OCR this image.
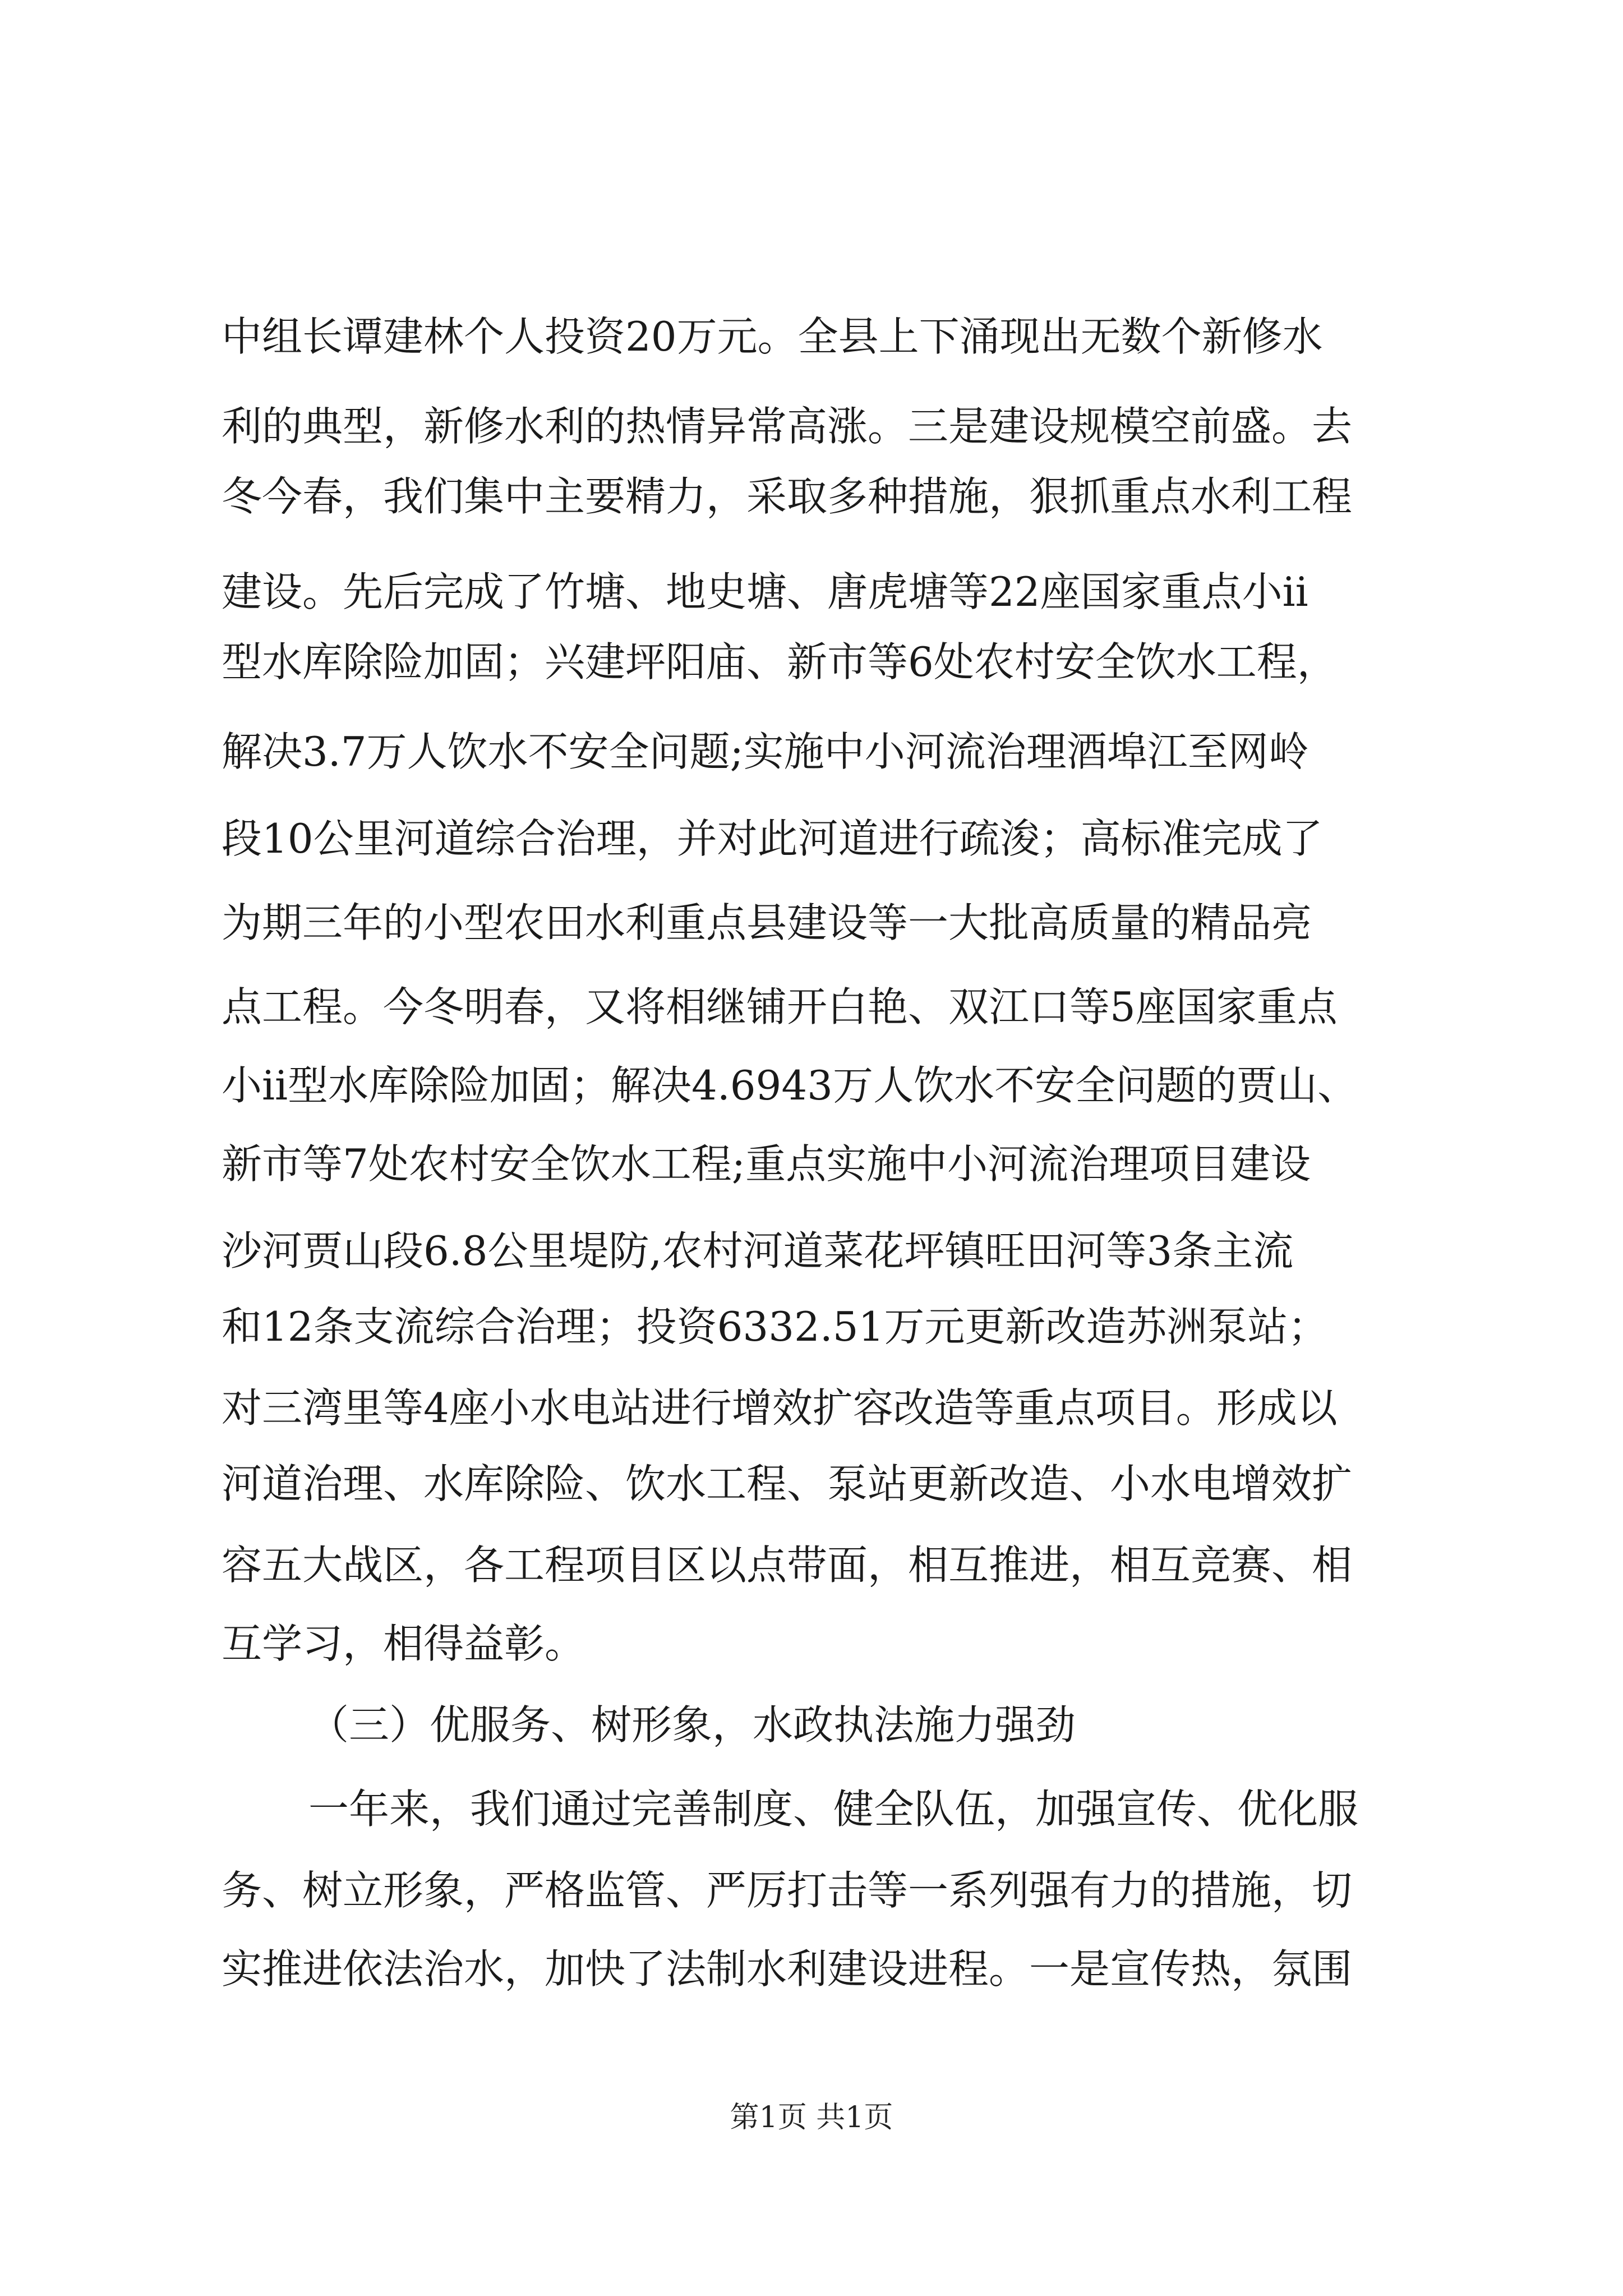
中组长谭建林个人投资20万元。全县上下涌现出无数个新修水
利的典型，新修水利的热情异常高涨。三是建设规模空前盛。去
冬今春，我们集中主要精力，采取多种措施，狠抓重点水利工程
建设。先后完成了竹塘、地史塘、唐虎塘等22座国家重点小ii
型水库除险加固；兴建坪阳庙、新市等6处农村安全饮水工程，
解决3.7万人饮水不安全问题;实施中小河流治理酒埠江至网岭
段10公里河道综合治理，并对此河道进行疏浚；高标准完成了
为期三年的小型农田水利重点县建设等一大批高质量的精品亮
点工程。今冬明春，又将相继铺开白艳、双江口等5座国家重点
小ii型水库除险加固；解决4.6943万人饮水不安全问题的贾山、
新市等7处农村安全饮水工程;重点实施中小河流治理项目建设
沙河贾山段6.8公里堤防,农村河道菜花坪镇旺田河等3条主流
和12条支流综合治理；投资6332.51万元更新改造苏洲泵站；
对三湾里等4座小水电站进行增效扩容改造等重点项目。形成以
河道治理、水库除险、饮水工程、泵站更新改造、小水电增效扩
容五大战区，各工程项目区以点带面，相互推进，相互竞赛、相
互学习，相得益彰。
（三）优服务、树形象，水政执法施力强劲
一年来，我们通过完善制度、健全队伍，加强宣传、优化服
务、树立形象，严格监管、严厉打击等一系列强有力的措施，切
实推进依法治水，加快了法制水利建设进程。一是宣传热，氛围
第1页 共1页
